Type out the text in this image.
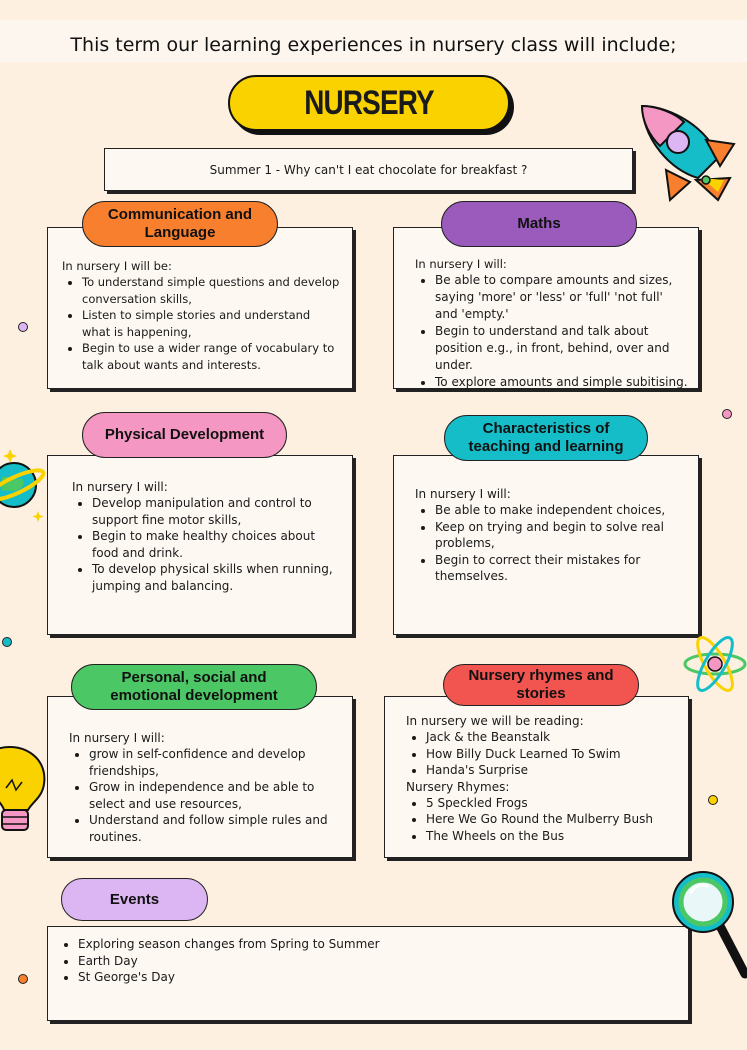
This term our learning experiences in nursery class will include;
NURSERY
Summer 1 - Why can't I eat chocolate for breakfast ?

In nursery I will be:

• To understand simple questions and develop conversation skills,
• Listen to simple stories and understand what is happening,
• Begin to use a wider range of vocabulary to talk about wants and interests.
Communication and Language

In nursery I will:

• Be able to compare amounts and sizes, saying 'more' or 'less' or 'full' 'not full' and 'empty.'
• Begin to understand and talk about position e.g., in front, behind, over and under.
• To explore amounts and simple subitising.
Maths

In nursery I will:

• Develop manipulation and control to support fine motor skills,
• Begin to make healthy choices about food and drink.
• To develop physical skills when running, jumping and balancing.
Physical Development

In nursery I will:

• Be able to make independent choices,
• Keep on trying and begin to solve real problems,
• Begin to correct their mistakes for themselves.
Characteristics of teaching and learning

In nursery I will:

• grow in self-confidence and develop friendships,
• Grow in independence and be able to select and use resources,
• Understand and follow simple rules and routines.
Personal, social and emotional development

In nursery we will be reading:

• Jack & the Beanstalk
• How Billy Duck Learned To Swim
• Handa's Surprise

Nursery Rhymes:

• 5 Speckled Frogs
• Here We Go Round the Mulberry Bush
• The Wheels on the Bus
Nursery rhymes and stories
• Exploring season changes from Spring to Summer
• Earth Day
• St George's Day
Events
